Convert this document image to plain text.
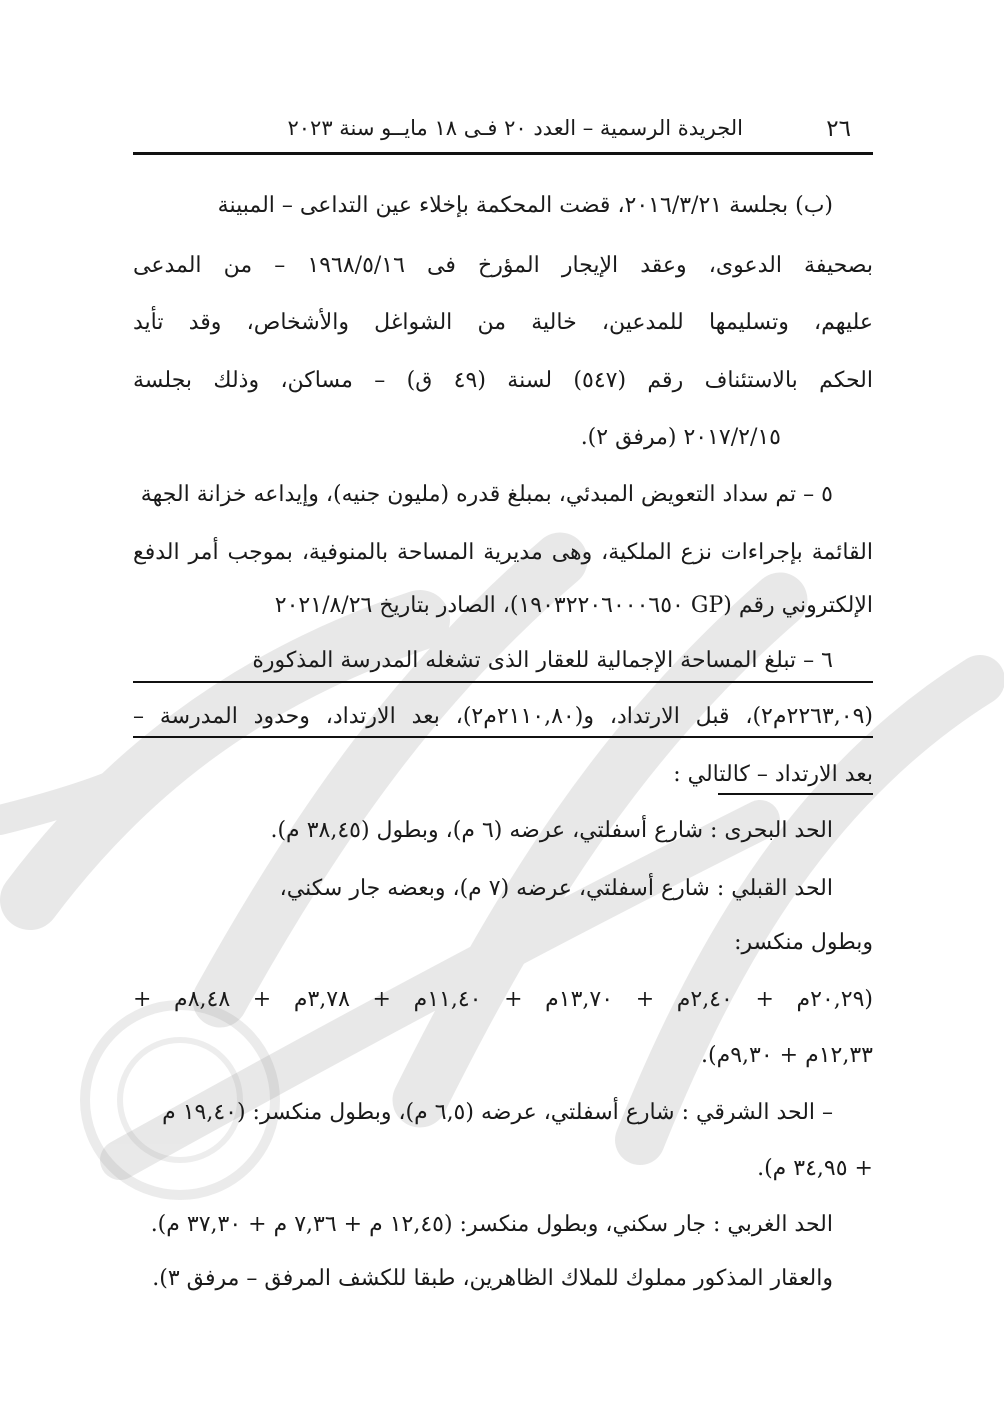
٢٦
الجريدة الرسمية – العدد ٢٠ فـى ١٨ مايــو سنة ٢٠٢٣
(ب) بجلسة ٢٠١٦/٣/٢١، قضت المحكمة بإخلاء عين التداعى – المبينة
بصحيفة الدعوى، وعقد الإيجار المؤرخ فى ١٩٦٨/٥/١٦ – من المدعى
عليهم، وتسليمها للمدعين، خالية من الشواغل والأشخاص، وقد تأيد
الحكم بالاستئناف رقم (٥٤٧) لسنة (٤٩ ق) – مساكن، وذلك بجلسة
٢٠١٧/٢/١٥ (مرفق ٢).
٥ – تم سداد التعويض المبدئي، بمبلغ قدره (مليون جنيه)، وإيداعه خزانة الجهة
القائمة بإجراءات نزع الملكية، وهى مديرية المساحة بالمنوفية، بموجب أمر الدفع
الإلكتروني رقم (GP ١٩٠٣٢٢٠٦٠٠٠٦٥٠)، الصادر بتاريخ ٢٠٢١/٨/٢٦
٦ – تبلغ المساحة الإجمالية للعقار الذى تشغله المدرسة المذكورة
(٢٢٦٣,٠٩م٢)، قبل الارتداد، و(٢١١٠,٨٠م٢)، بعد الارتداد، وحدود المدرسة –
بعد الارتداد – كالتالي :
الحد البحرى : شارع أسفلتي، عرضه (٦ م)، وبطول (٣٨,٤٥ م).
الحد القبلي : شارع أسفلتي، عرضه (٧ م)، وبعضه جار سكني،
وبطول منكسر:
(٢٠,٢٩م + ٢,٤٠م + ١٣,٧٠م + ١١,٤٠م + ٣,٧٨م + ٨,٤٨م +
١٢,٣٣م + ٩,٣٠م).
– الحد الشرقي : شارع أسفلتي، عرضه (٦,٥ م)، وبطول منكسر: (١٩,٤٠ م
+ ٣٤,٩٥ م).
الحد الغربي : جار سكني، وبطول منكسر: (١٢,٤٥ م + ٧,٣٦ م + ٣٧,٣٠ م).
والعقار المذكور مملوك للملاك الظاهرين، طبقا للكشف المرفق – مرفق ٣).
